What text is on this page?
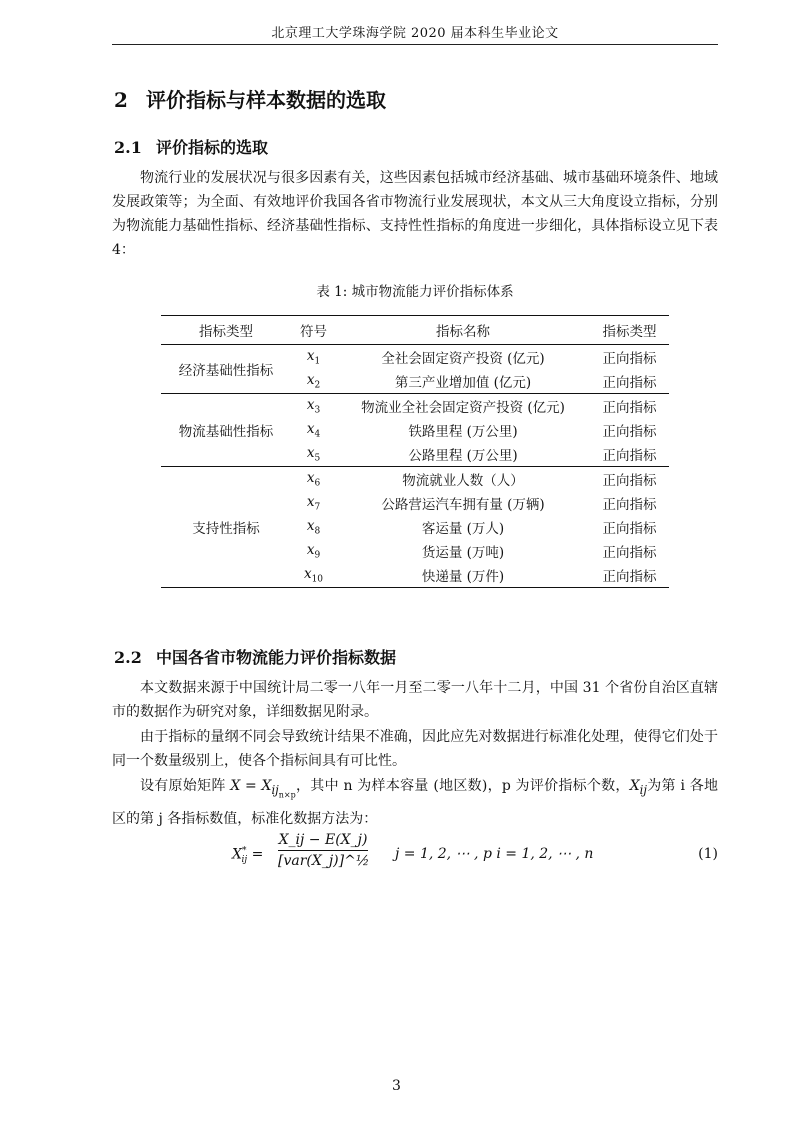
北京理工大学珠海学院 2020 届本科生毕业论文
2 评价指标与样本数据的选取
2.1 评价指标的选取

物流行业的发展状况与很多因素有关，这些因素包括城市经济基础、城市基础环境条件、地域发展政策等；为全面、有效地评价我国各省市物流行业发展现状，本文从三大角度设立指标，分别为物流能力基础性指标、经济基础性指标、支持性性指标的角度进一步细化，具体指标设立见下表 4：

表 1: 城市物流能力评价指标体系
指标类型	符号	指标名称	指标类型
经济基础性指标	$x_1$	全社会固定资产投资 (亿元)	正向指标
	$x_2$	第三产业增加值 (亿元)	正向指标
物流基础性指标	$x_3$	物流业全社会固定资产投资 (亿元)	正向指标
	$x_4$	铁路里程 (万公里)	正向指标
	$x_5$	公路里程 (万公里)	正向指标
支持性指标	$x_6$	物流就业人数（人）	正向指标
	$x_7$	公路营运汽车拥有量 (万辆)	正向指标
	$x_8$	客运量 (万人)	正向指标
	$x_9$	货运量 (万吨)	正向指标
	$x_{10}$	快递量 (万件)	正向指标
2.2 中国各省市物流能力评价指标数据

本文数据来源于中国统计局二零一八年一月至二零一八年十二月，中国 31 个省份自治区直辖市的数据作为研究对象，详细数据见附录。

由于指标的量纲不同会导致统计结果不准确，因此应先对数据进行标准化处理，使得它们处于同一个数量级别上，使各个指标间具有可比性。

设有原始矩阵 $X = X_{ij_{n\times p}}$，其中 n 为样本容量 (地区数)，p 为评价指标个数，$X_{ij}$为第 i 各地区的第 j 各指标数值，标准化数据方法为：

$X^*_{ij}$ =
X_ij − E(X_j)
[var(X_j)]^½ j = 1, 2, ⋯ , p i = 1, 2, ⋯ , n	(1)
3
